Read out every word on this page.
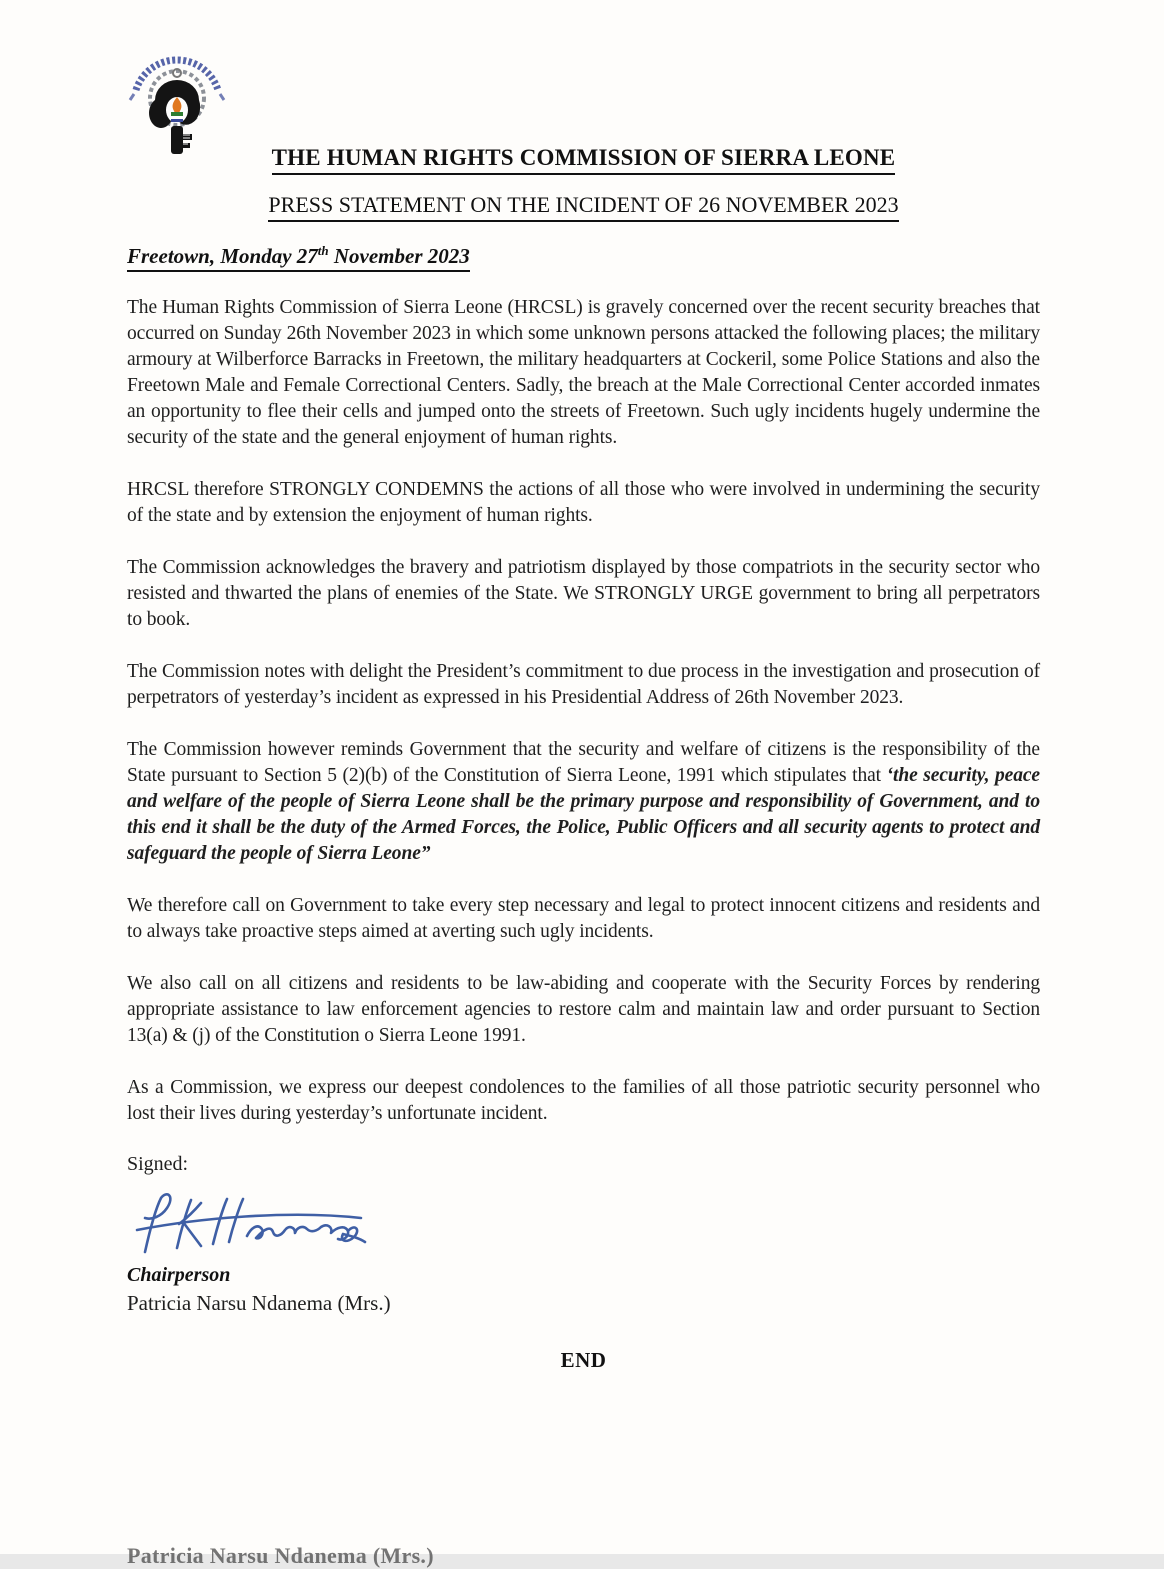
THE HUMAN RIGHTS COMMISSION OF SIERRA LEONE
PRESS STATEMENT ON THE INCIDENT OF 26 NOVEMBER 2023
Freetown, Monday 27th November 2023

The Human Rights Commission of Sierra Leone (HRCSL) is gravely concerned over the recent security breaches that occurred on Sunday 26th November 2023 in which some unknown persons attacked the following places; the military armoury at Wilberforce Barracks in Freetown, the military headquarters at Cockeril, some Police Stations and also the Freetown Male and Female Correctional Centers. Sadly, the breach at the Male Correctional Center accorded inmates an opportunity to flee their cells and jumped onto the streets of Freetown. Such ugly incidents hugely undermine the security of the state and the general enjoyment of human rights.

HRCSL therefore STRONGLY CONDEMNS the actions of all those who were involved in undermining the security of the state and by extension the enjoyment of human rights.

The Commission acknowledges the bravery and patriotism displayed by those compatriots in the security sector who resisted and thwarted the plans of enemies of the State. We STRONGLY URGE government to bring all perpetrators to book.

The Commission notes with delight the President’s commitment to due process in the investigation and prosecution of perpetrators of yesterday’s incident as expressed in his Presidential Address of 26th November 2023.

The Commission however reminds Government that the security and welfare of citizens is the responsibility of the State pursuant to Section 5 (2)(b) of the Constitution of Sierra Leone, 1991 which stipulates that ‘the security, peace and welfare of the people of Sierra Leone shall be the primary purpose and responsibility of Government, and to this end it shall be the duty of the Armed Forces, the Police, Public Officers and all security agents to protect and safeguard the people of Sierra Leone”

We therefore call on Government to take every step necessary and legal to protect innocent citizens and residents and to always take proactive steps aimed at averting such ugly incidents.

We also call on all citizens and residents to be law-abiding and cooperate with the Security Forces by rendering appropriate assistance to law enforcement agencies to restore calm and maintain law and order pursuant to Section 13(a) & (j) of the Constitution o Sierra Leone 1991.

As a Commission, we express our deepest condolences to the families of all those patriotic security personnel who lost their lives during yesterday’s unfortunate incident.

Signed:
Chairperson
Patricia Narsu Ndanema (Mrs.)
END
Patricia Narsu Ndanema (Mrs.)
